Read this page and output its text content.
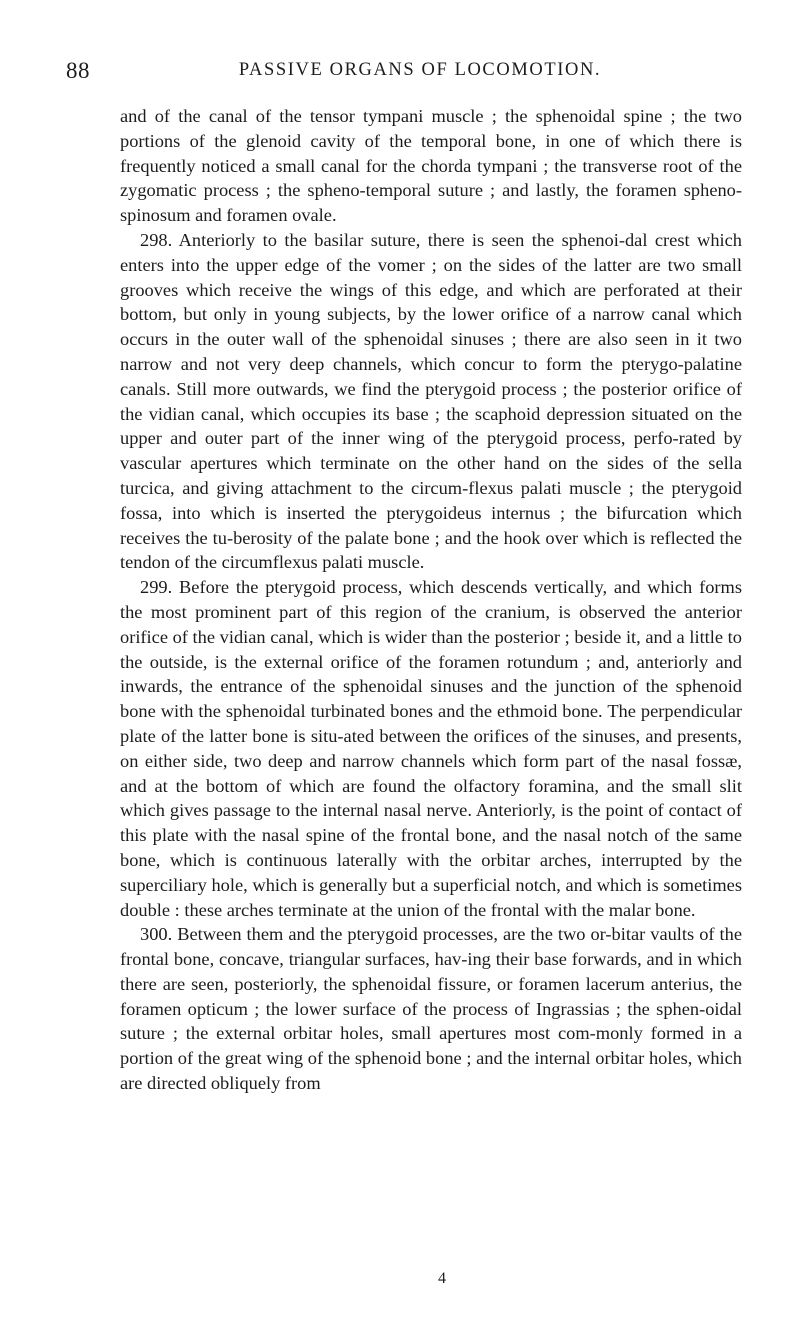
88	PASSIVE ORGANS OF LOCOMOTION.

and of the canal of the tensor tympani muscle ; the sphenoidal spine ; the two portions of the glenoid cavity of the temporal bone, in one of which there is frequently noticed a small canal for the chorda tympani ; the transverse root of the zygomatic process ; the spheno-temporal suture ; and lastly, the foramen spheno-spinosum and foramen ovale.

298. Anteriorly to the basilar suture, there is seen the sphenoi-dal crest which enters into the upper edge of the vomer ; on the sides of the latter are two small grooves which receive the wings of this edge, and which are perforated at their bottom, but only in young subjects, by the lower orifice of a narrow canal which occurs in the outer wall of the sphenoidal sinuses ; there are also seen in it two narrow and not very deep channels, which concur to form the pterygo-palatine canals. Still more outwards, we find the pterygoid process ; the posterior orifice of the vidian canal, which occupies its base ; the scaphoid depression situated on the upper and outer part of the inner wing of the pterygoid process, perfo-rated by vascular apertures which terminate on the other hand on the sides of the sella turcica, and giving attachment to the circum-flexus palati muscle ; the pterygoid fossa, into which is inserted the pterygoideus internus ; the bifurcation which receives the tu-berosity of the palate bone ; and the hook over which is reflected the tendon of the circumflexus palati muscle.

299. Before the pterygoid process, which descends vertically, and which forms the most prominent part of this region of the cranium, is observed the anterior orifice of the vidian canal, which is wider than the posterior ; beside it, and a little to the outside, is the external orifice of the foramen rotundum ; and, anteriorly and inwards, the entrance of the sphenoidal sinuses and the junction of the sphenoid bone with the sphenoidal turbinated bones and the ethmoid bone. The perpendicular plate of the latter bone is situ-ated between the orifices of the sinuses, and presents, on either side, two deep and narrow channels which form part of the nasal fossæ, and at the bottom of which are found the olfactory foramina, and the small slit which gives passage to the internal nasal nerve. Anteriorly, is the point of contact of this plate with the nasal spine of the frontal bone, and the nasal notch of the same bone, which is continuous laterally with the orbitar arches, interrupted by the superciliary hole, which is generally but a superficial notch, and which is sometimes double : these arches terminate at the union of the frontal with the malar bone.

300. Between them and the pterygoid processes, are the two or-bitar vaults of the frontal bone, concave, triangular surfaces, hav-ing their base forwards, and in which there are seen, posteriorly, the sphenoidal fissure, or foramen lacerum anterius, the foramen opticum ; the lower surface of the process of Ingrassias ; the sphen-oidal suture ; the external orbitar holes, small apertures most com-monly formed in a portion of the great wing of the sphenoid bone ; and the internal orbitar holes, which are directed obliquely from

4
